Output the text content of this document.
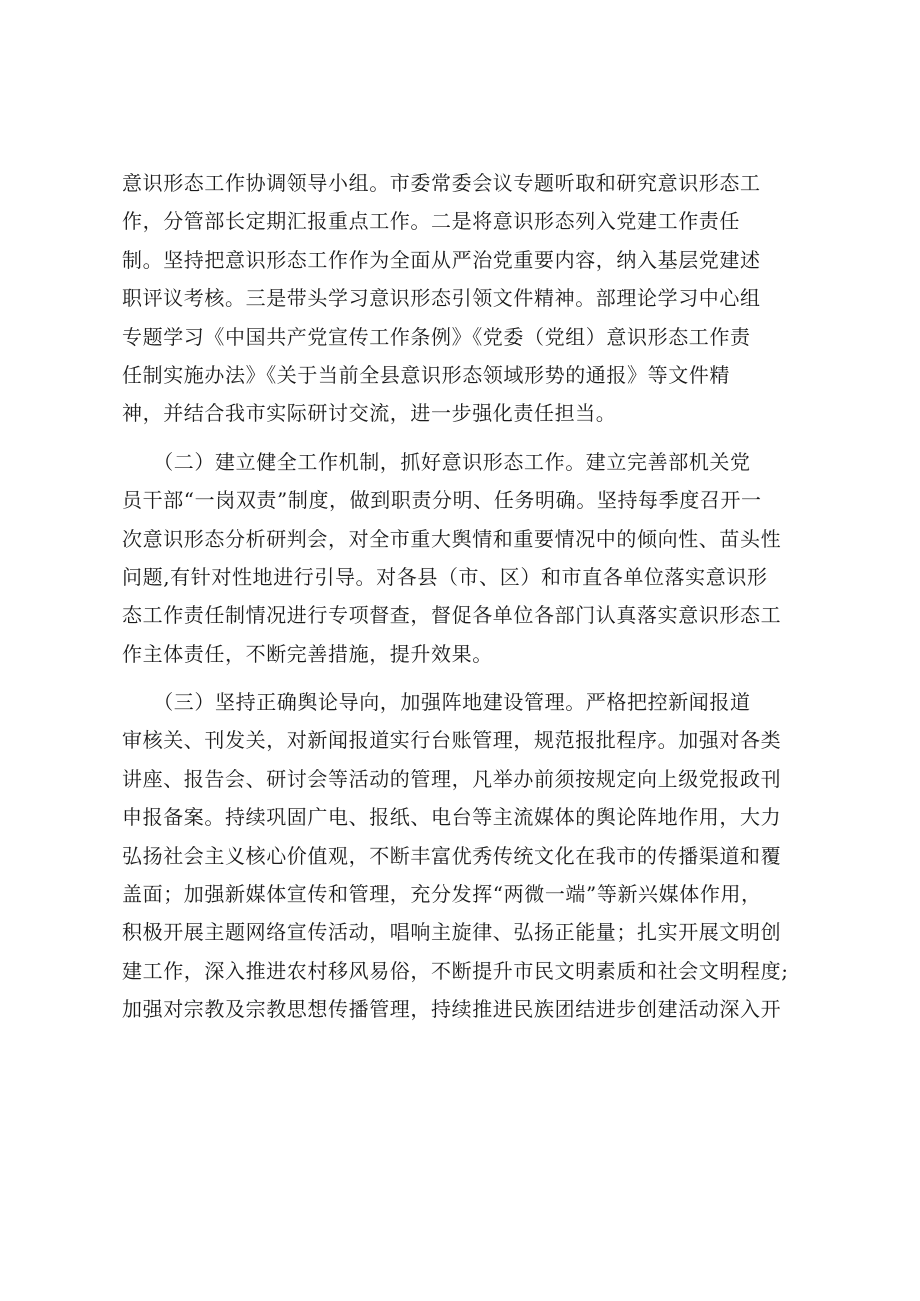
意识形态工作协调领导小组。市委常委会议专题听取和研究意识形态工
作，分管部长定期汇报重点工作。二是将意识形态列入党建工作责任
制。坚持把意识形态工作作为全面从严治党重要内容，纳入基层党建述
职评议考核。三是带头学习意识形态引领文件精神。部理论学习中心组
专题学习《中国共产党宣传工作条例》《党委（党组）意识形态工作责
任制实施办法》《关于当前全县意识形态领域形势的通报》等文件精
神，并结合我市实际研讨交流，进一步强化责任担当。
　　（二）建立健全工作机制，抓好意识形态工作。建立完善部机关党
员干部“一岗双责”制度，做到职责分明、任务明确。坚持每季度召开一
次意识形态分析研判会，对全市重大舆情和重要情况中的倾向性、苗头性
问题,有针对性地进行引导。对各县（市、区）和市直各单位落实意识形
态工作责任制情况进行专项督查，督促各单位各部门认真落实意识形态工
作主体责任，不断完善措施，提升效果。
　　（三）坚持正确舆论导向，加强阵地建设管理。严格把控新闻报道
审核关、刊发关，对新闻报道实行台账管理，规范报批程序。加强对各类
讲座、报告会、研讨会等活动的管理，凡举办前须按规定向上级党报政刊
申报备案。持续巩固广电、报纸、电台等主流媒体的舆论阵地作用，大力
弘扬社会主义核心价值观，不断丰富优秀传统文化在我市的传播渠道和覆
盖面；加强新媒体宣传和管理，充分发挥“两微一端”等新兴媒体作用，
积极开展主题网络宣传活动，唱响主旋律、弘扬正能量；扎实开展文明创
建工作，深入推进农村移风易俗，不断提升市民文明素质和社会文明程度;
加强对宗教及宗教思想传播管理，持续推进民族团结进步创建活动深入开
